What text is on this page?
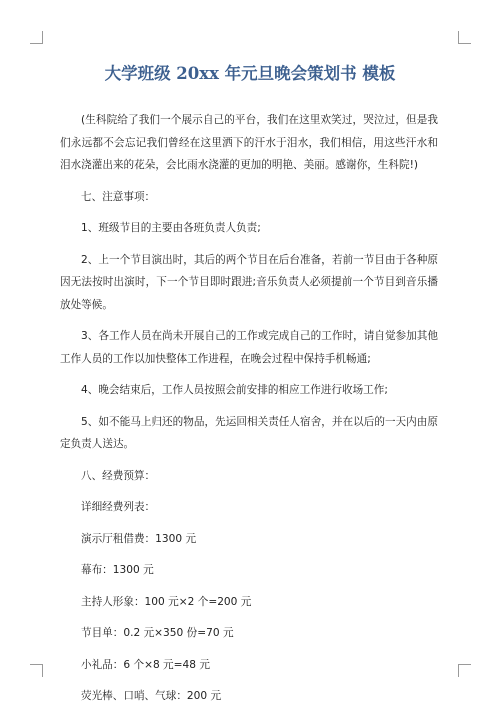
大学班级 20xx 年元旦晚会策划书 模板

(生科院给了我们一个展示自己的平台，我们在这里欢笑过，哭泣过，但是我们永远都不会忘记我们曾经在这里洒下的汗水于泪水，我们相信，用这些汗水和泪水浇灌出来的花朵，会比雨水浇灌的更加的明艳、美丽。感谢你，生科院!)

七、注意事项：

1、班级节目的主要由各班负责人负责;

2、上一个节目演出时，其后的两个节目在后台准备，若前一节目由于各种原因无法按时出演时，下一个节目即时跟进;音乐负责人必须提前一个节目到音乐播放处等候。

3、各工作人员在尚未开展自己的工作或完成自己的工作时，请自觉参加其他工作人员的工作以加快整体工作进程，在晚会过程中保持手机畅通;

4、晚会结束后，工作人员按照会前安排的相应工作进行收场工作;

5、如不能马上归还的物品，先运回相关责任人宿舍，并在以后的一天内由原定负责人送达。

八、经费预算：

详细经费列表：

演示厅租借费：1300 元

幕布：1300 元

主持人形象：100 元×2 个=200 元

节目单：0.2 元×350 份=70 元

小礼品：6 个×8 元=48 元

荧光棒、口哨、气球：200 元
